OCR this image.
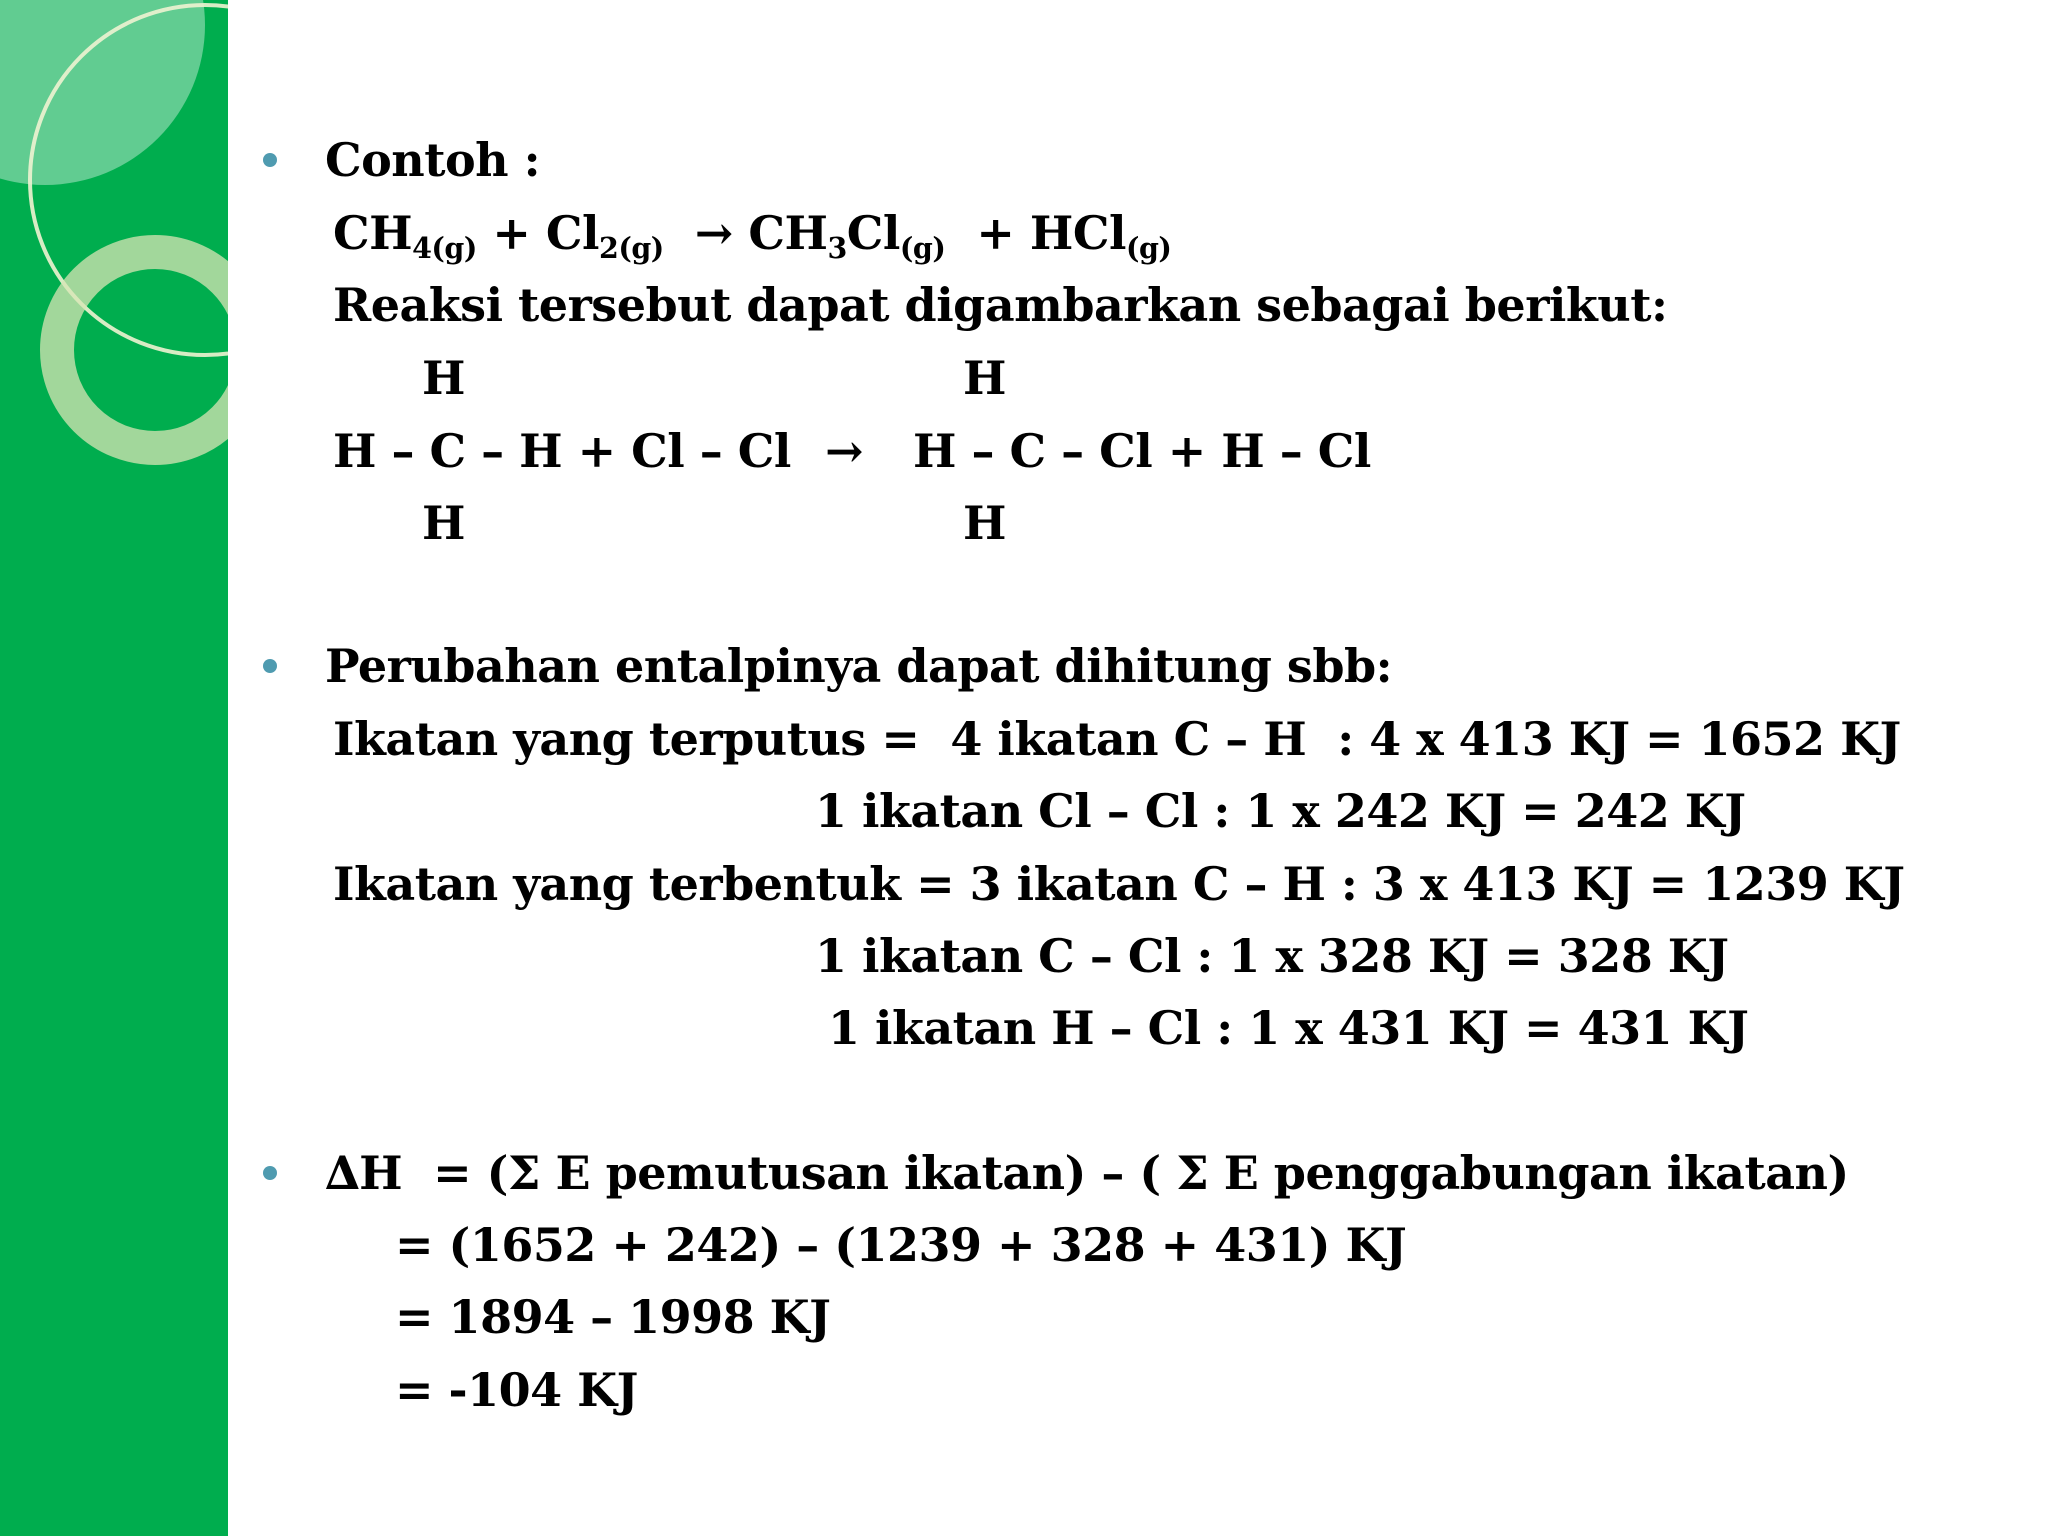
Contoh :
$CH_{4(g)} + Cl_{2(g)} \to CH_3Cl_{(g)} + HCl_{(g)}$
Reaksi tersebut dapat digambarkan sebagai berikut:
H	H
H – C – H + Cl – Cl → H – C – Cl + H – Cl
H	H
Perubahan entalpinya dapat dihitung sbb:
Ikatan yang terputus =  4 ikatan C – H  : 4 x 413 KJ = 1652 KJ
1 ikatan Cl – Cl : 1 x 242 KJ = 242 KJ
Ikatan yang terbentuk = 3 ikatan C – H : 3 x 413 KJ = 1239 KJ
1 ikatan C – Cl : 1 x 328 KJ = 328 KJ
1 ikatan H – Cl : 1 x 431 KJ = 431 KJ
∆H  = (Σ E pemutusan ikatan) – ( Σ E penggabungan ikatan)
= (1652 + 242) – (1239 + 328 + 431) KJ
= 1894 – 1998 KJ
= -104 KJ
